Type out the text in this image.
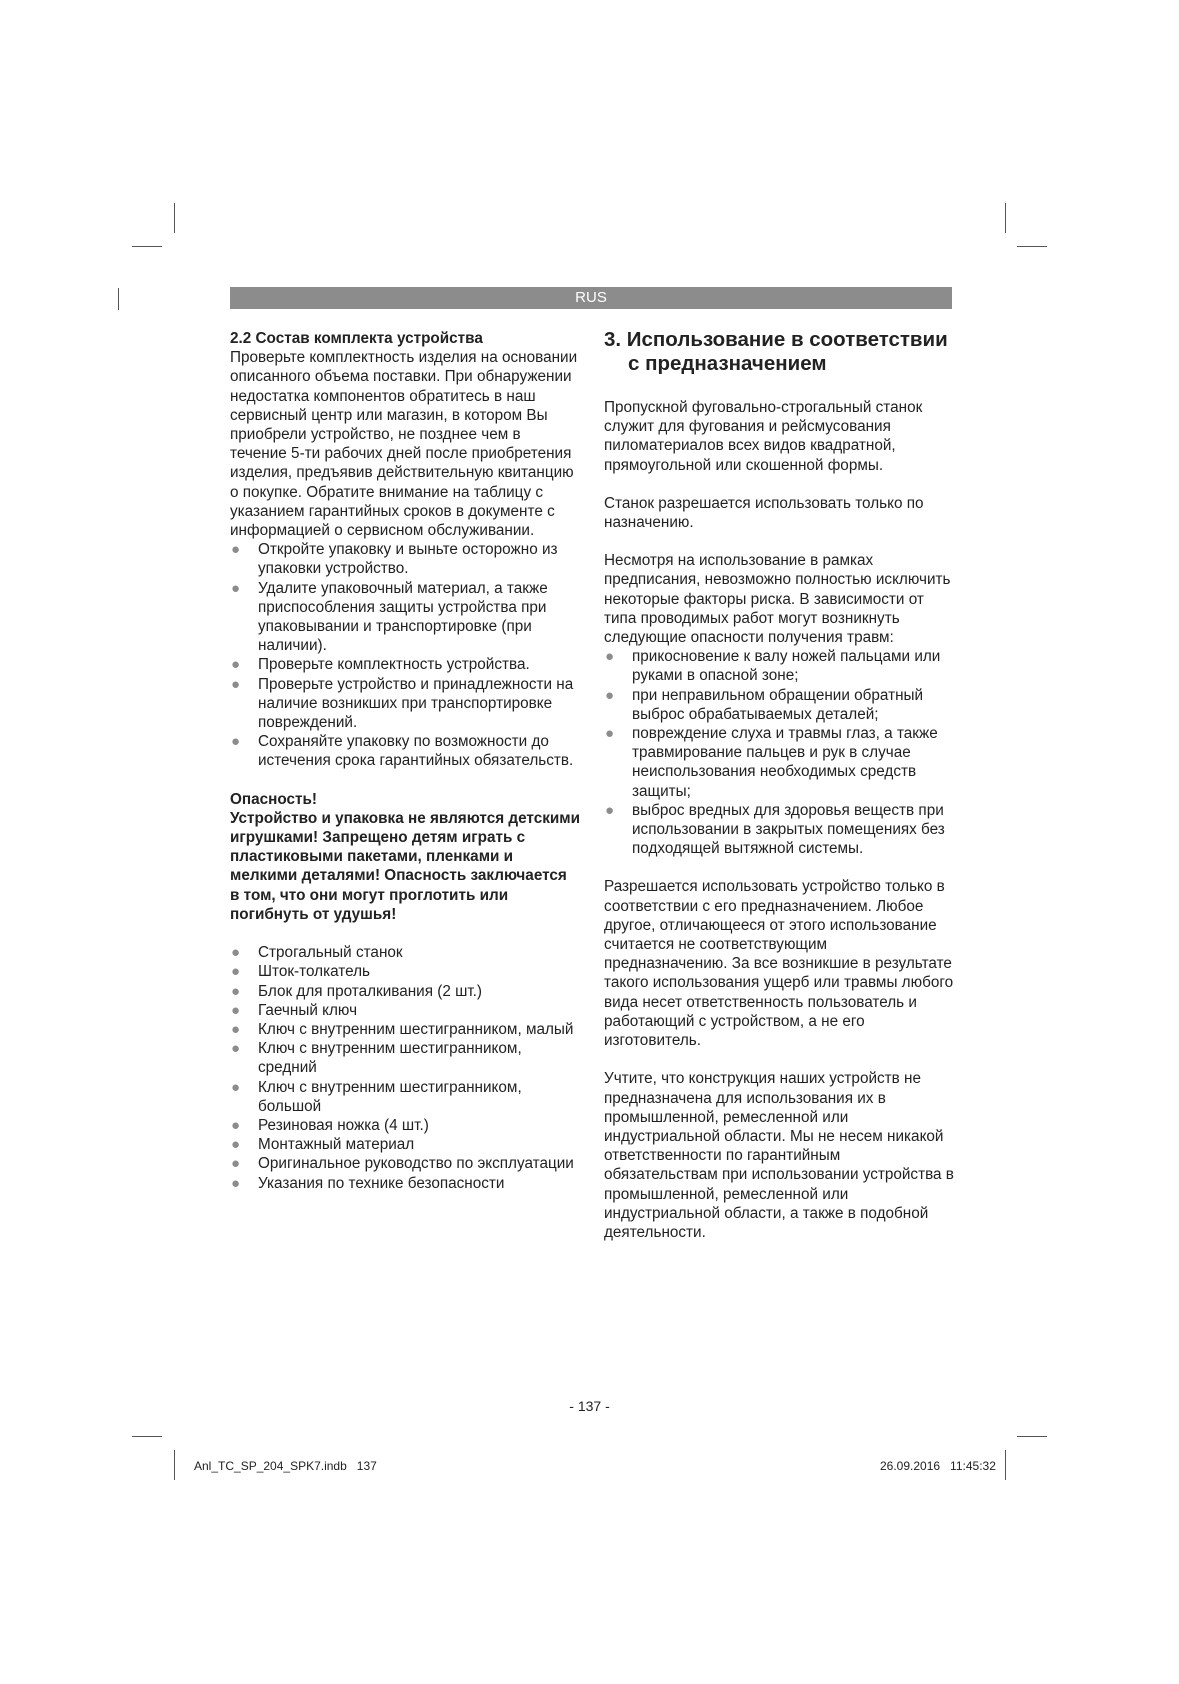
RUS

2.2 Состав комплекта устройства

Проверьте комплектность изделия на основании описанного объема поставки. При обнаружении недостатка компонентов обратитесь в наш сервисный центр или магазин, в котором Вы приобрели устройство, не позднее чем в течение 5-ти рабочих дней после приобретения изделия, предъявив действительную квитанцию о покупке. Обратите внимание на таблицу с указанием гарантийных сроков в документе с информацией о сервисном обслуживании.

● Откройте упаковку и выньте осторожно из упаковки устройство.
● Удалите упаковочный материал, а также приспособления защиты устройства при упаковывании и транспортировке (при наличии).
● Проверьте комплектность устройства.
● Проверьте устройство и принадлежности на наличие возникших при транспортировке повреждений.
● Сохраняйте упаковку по возможности до истечения срока гарантийных обязательств.

Опасность!

Устройство и упаковка не являются детскими игрушками! Запрещено детям играть с пластиковыми пакетами, пленками и мелкими деталями! Опасность заключается в том, что они могут проглотить или погибнуть от удушья!

● Строгальный станок
● Шток-толкатель
● Блок для проталкивания (2 шт.)
● Гаечный ключ
● Ключ с внутренним шестигранником, малый
● Ключ с внутренним шестигранником, средний
● Ключ с внутренним шестигранником, большой
● Резиновая ножка (4 шт.)
● Монтажный материал
● Оригинальное руководство по эксплуатации
● Указания по технике безопасности

3. Использование в соответствии с предназначением

Пропускной фуговально-строгальный станок служит для фугования и рейсмусования пиломатериалов всех видов квадратной, прямоугольной или скошенной формы.

Станок разрешается использовать только по назначению.

Несмотря на использование в рамках предписания, невозможно полностью исключить некоторые факторы риска. В зависимости от типа проводимых работ могут возникнуть следующие опасности получения травм:

● прикосновение к валу ножей пальцами или руками в опасной зоне;
● при неправильном обращении обратный выброс обрабатываемых деталей;
● повреждение слуха и травмы глаз, а также травмирование пальцев и рук в случае неиспользования необходимых средств защиты;
● выброс вредных для здоровья веществ при использовании в закрытых помещениях без подходящей вытяжной системы.

Разрешается использовать устройство только в соответствии с его предназначением. Любое другое, отличающееся от этого использование считается не соответствующим предназначению. За все возникшие в результате такого использования ущерб или травмы любого вида несет ответственность пользователь и работающий с устройством, а не его изготовитель.

Учтите, что конструкция наших устройств не предназначена для использования их в промышленной, ремесленной или индустриальной области. Мы не несем никакой ответственности по гарантийным обязательствам при использовании устройства в промышленной, ремесленной или индустриальной области, а также в подобной деятельности.

- 137 -
Anl_TC_SP_204_SPK7.indb   137	26.09.2016   11:45:32
